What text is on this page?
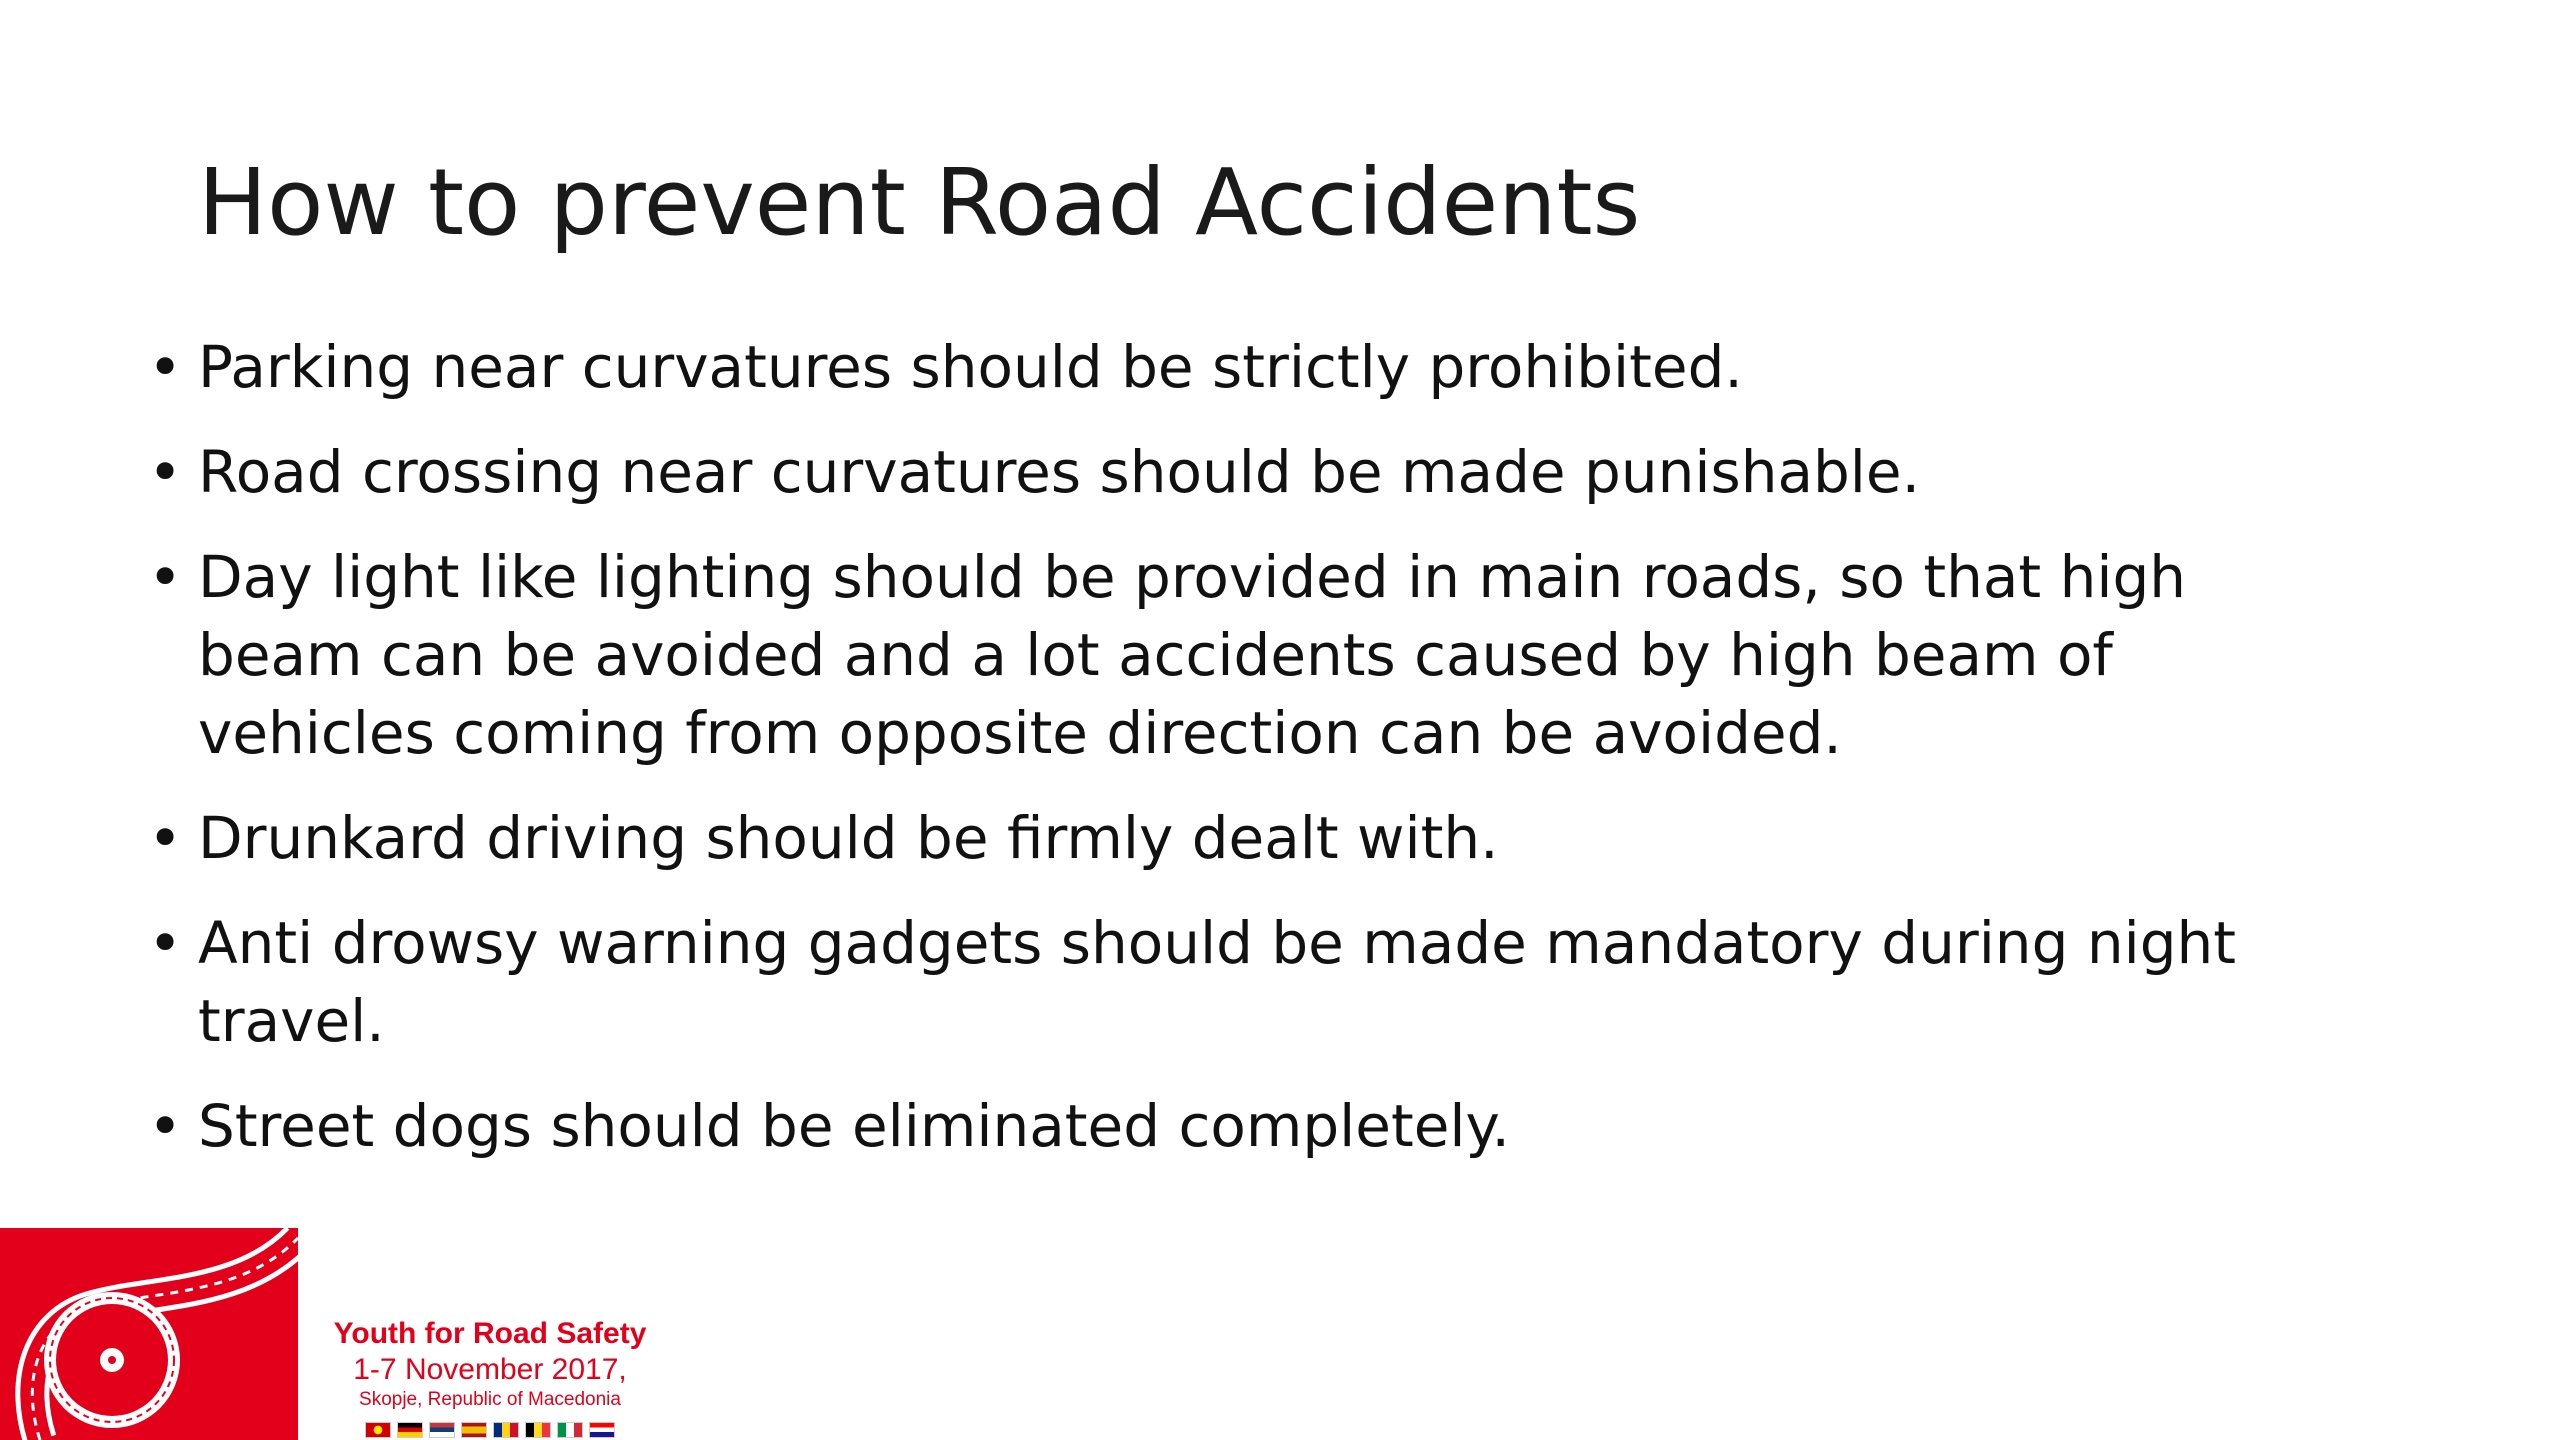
How to prevent Road Accidents
• Parking near curvatures should be strictly prohibited.
• Road crossing near curvatures should be made punishable.
• Day light like lighting should be provided in main roads, so that high beam can be avoided and a lot accidents caused by high beam of vehicles coming from opposite direction can be avoided.
• Drunkard driving should be firmly dealt with.
• Anti drowsy warning gadgets should be made mandatory during night travel.
• Street dogs should be eliminated completely.
Youth for Road Safety
1-7 November 2017,
Skopje, Republic of Macedonia
